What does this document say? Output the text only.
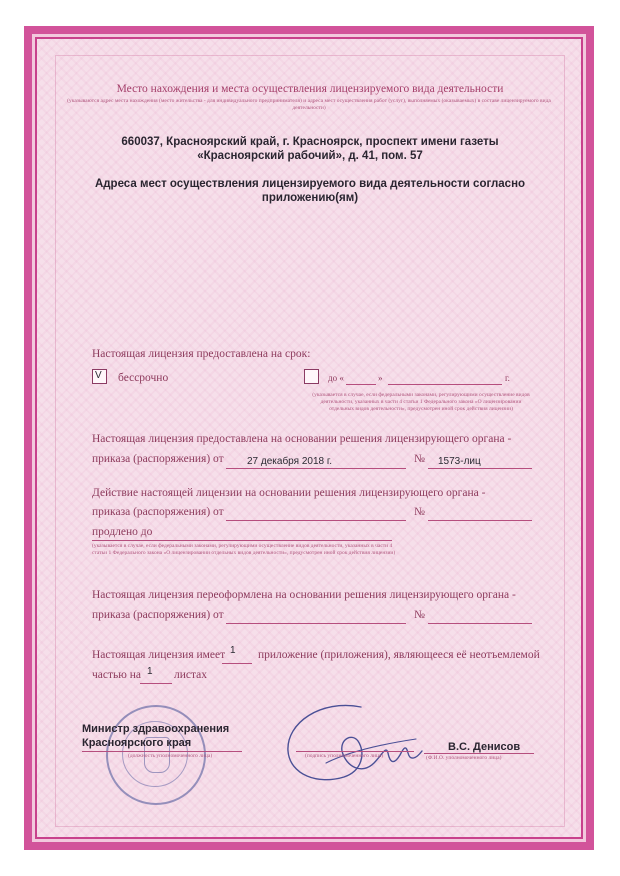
Место нахождения и места осуществления лицензируемого вида деятельности
(указываются адрес места нахождения (место жительства - для индивидуального предпринимателя) и адреса мест осуществления работ (услуг), выполняемых (оказываемых) в составе лицензируемого вида деятельности)
660037, Красноярский край, г. Красноярск, проспект имени газеты
«Красноярский рабочий», д. 41, пом. 57
Адреса мест осуществления лицензируемого вида деятельности согласно
приложению(ям)
Настоящая лицензия предоставлена на срок:
V бессрочно	до «	»	г.
(указывается в случае, если федеральными законами, регулирующими осуществление видов деятельности, указанных в части 4 статьи 1 Федерального закона «О лицензировании отдельных видов деятельности», предусмотрен иной срок действия лицензии)
Настоящая лицензия предоставлена на основании решения лицензирующего органа -
приказа (распоряжения) от 27 декабря 2018 г.	№ 1573-лиц
Действие настоящей лицензии на основании решения лицензирующего органа -
приказа (распоряжения) от	№
продлено до
(указывается в случае, если федеральными законами, регулирующими осуществление видов деятельности, указанных в части 4 статьи 1 Федерального закона «О лицензировании отдельных видов деятельности», предусмотрен иной срок действия лицензии)
Настоящая лицензия переоформлена на основании решения лицензирующего органа -
приказа (распоряжения) от	№
Настоящая лицензия имеет 1 приложение (приложения), являющееся её неотъемлемой
частью на 1 листах
Министр здравоохранения
Красноярского края
(должность уполномоченного лица)	(подпись уполномоченного лица)
В.С. Денисов
(Ф.И.О. уполномоченного лица)
